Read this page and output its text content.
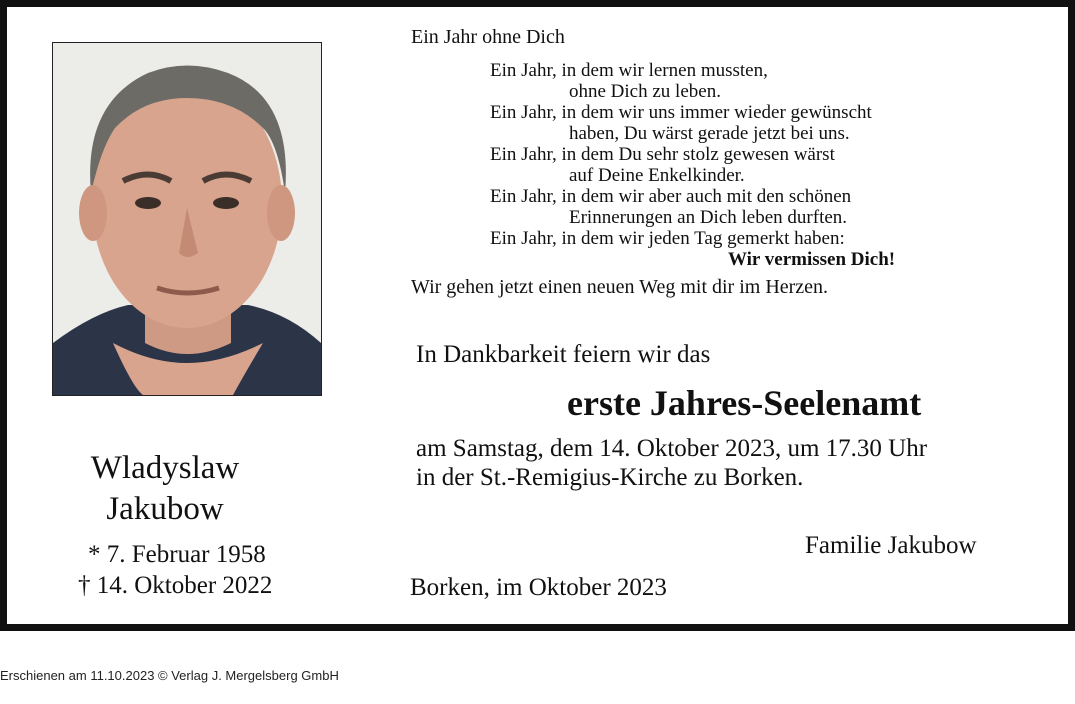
Wladyslaw
Jakubow
* 7. Februar 1958
† 14. Oktober 2022
Ein Jahr ohne Dich
Ein Jahr, in dem wir lernen mussten,
ohne Dich zu leben.
Ein Jahr, in dem wir uns immer wieder gewünscht
haben, Du wärst gerade jetzt bei uns.
Ein Jahr, in dem Du sehr stolz gewesen wärst
auf Deine Enkelkinder.
Ein Jahr, in dem wir aber auch mit den schönen
Erinnerungen an Dich leben durften.
Ein Jahr, in dem wir jeden Tag gemerkt haben:
Wir vermissen Dich!
Wir gehen jetzt einen neuen Weg mit dir im Herzen.
In Dankbarkeit feiern wir das
erste Jahres-Seelenamt
am Samstag, dem 14. Oktober 2023, um 17.30 Uhr
in der St.-Remigius-Kirche zu Borken.
Familie Jakubow
Borken, im Oktober 2023
Erschienen am 11.10.2023 © Verlag J. Mergelsberg GmbH
